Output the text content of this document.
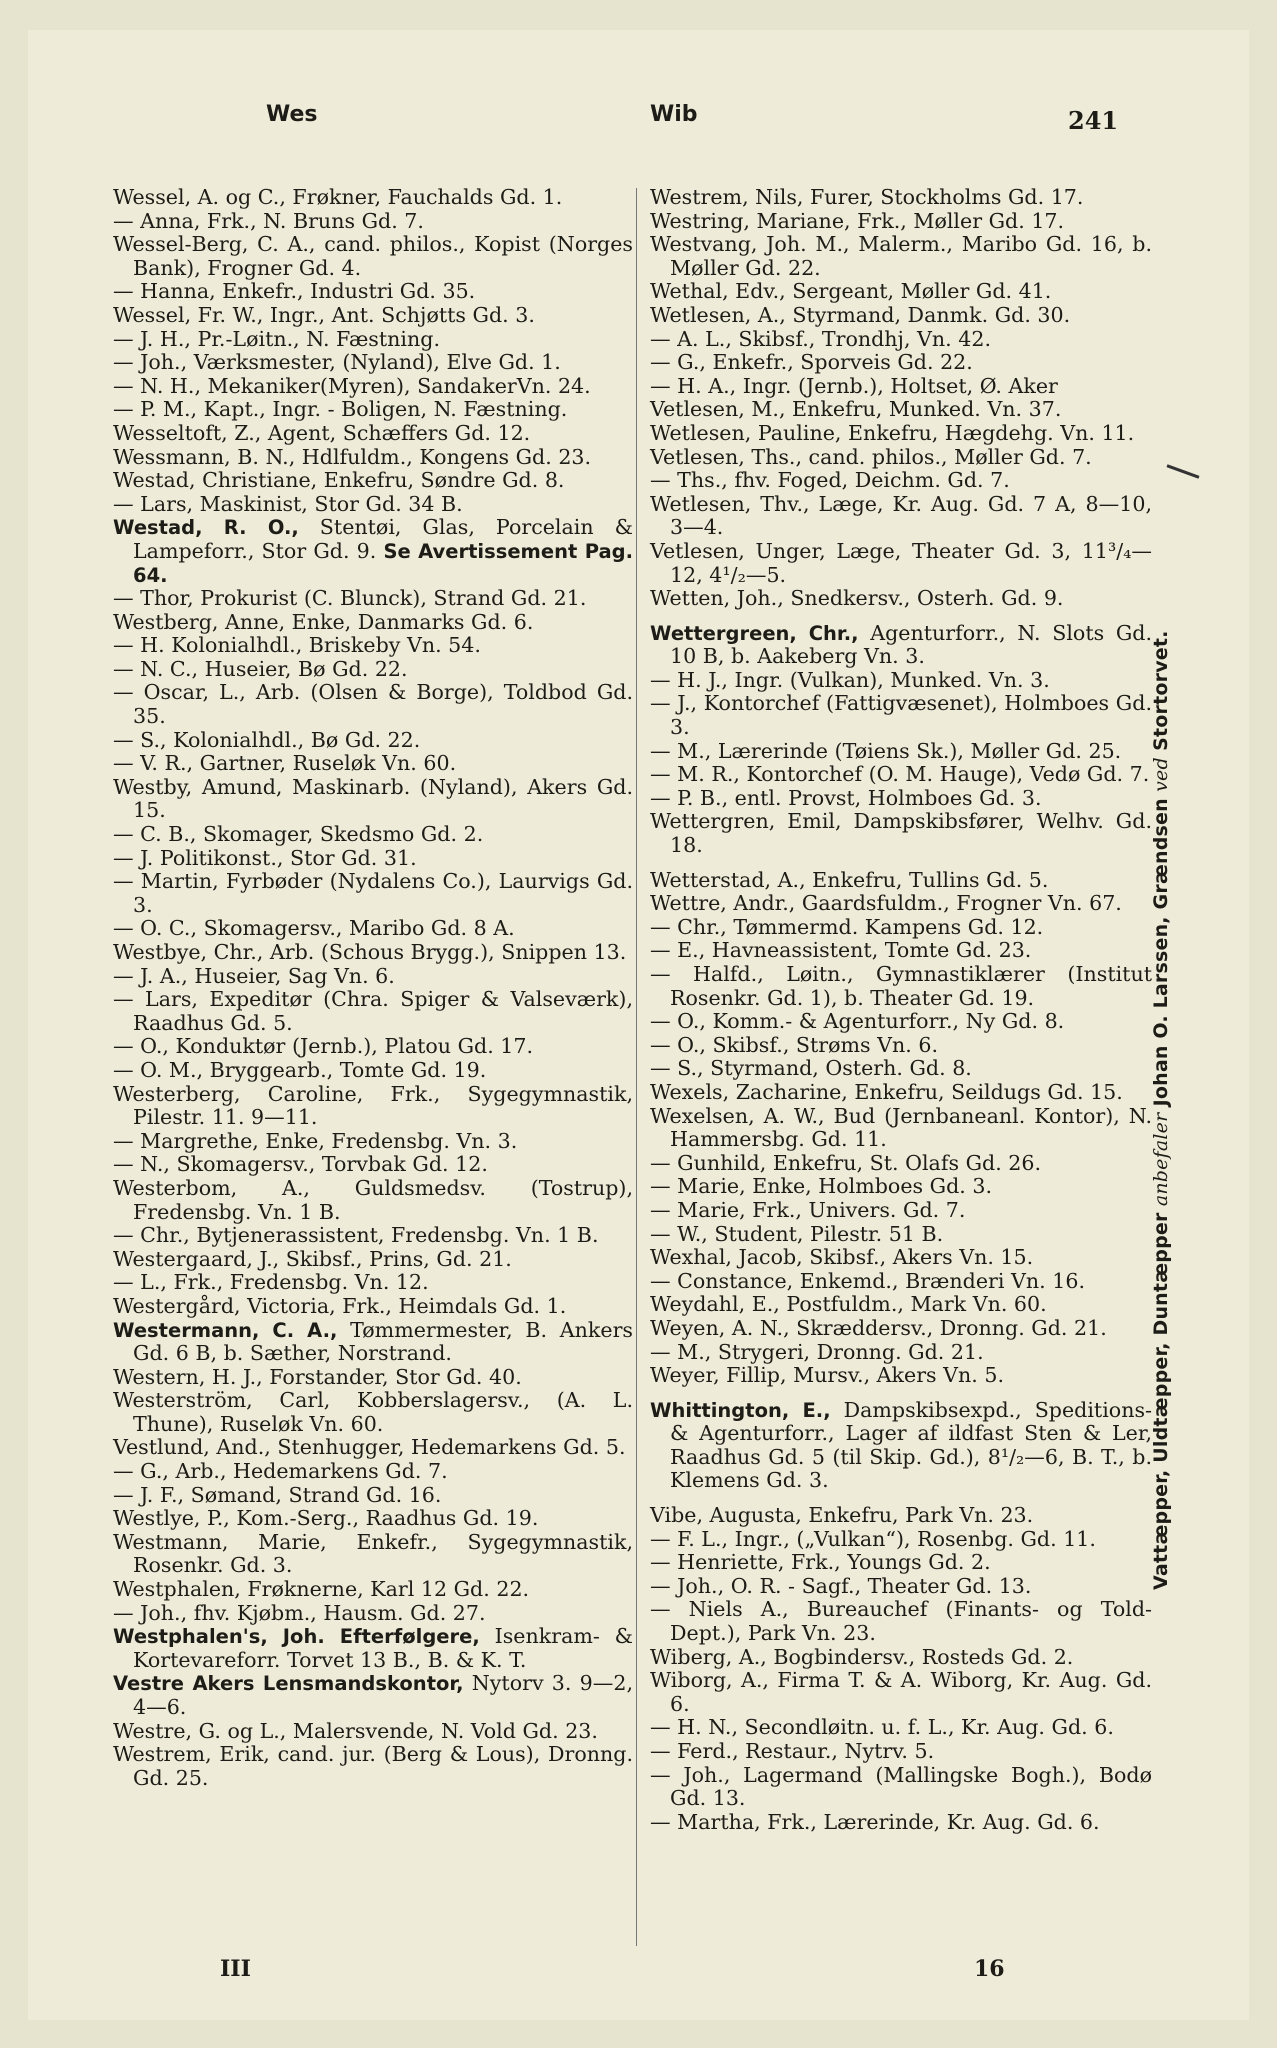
Wes	Wib	241
Wessel, A. og C., Frøkner, Fauchalds Gd. 1.
— Anna, Frk., N. Bruns Gd. 7.
Wessel-Berg, C. A., cand. philos., Kopist (Norges Bank), Frogner Gd. 4.
— Hanna, Enkefr., Industri Gd. 35.
Wessel, Fr. W., Ingr., Ant. Schjøtts Gd. 3.
— J. H., Pr.-Løitn., N. Fæstning.
— Joh., Værksmester, (Nyland), Elve Gd. 1.
— N. H., Mekaniker(Myren), SandakerVn. 24.
— P. M., Kapt., Ingr. - Boligen, N. Fæstning.
Wesseltoft, Z., Agent, Schæffers Gd. 12.
Wessmann, B. N., Hdlfuldm., Kongens Gd. 23.
Westad, Christiane, Enkefru, Søndre Gd. 8.
— Lars, Maskinist, Stor Gd. 34 B.
Westad, R. O., Stentøi, Glas, Porcelain & Lampeforr., Stor Gd. 9. Se Avertissement Pag. 64.
— Thor, Prokurist (C. Blunck), Strand Gd. 21.
Westberg, Anne, Enke, Danmarks Gd. 6.
— H. Kolonialhdl., Briskeby Vn. 54.
— N. C., Huseier, Bø Gd. 22.
— Oscar, L., Arb. (Olsen & Borge), Toldbod Gd. 35.
— S., Kolonialhdl., Bø Gd. 22.
— V. R., Gartner, Ruseløk Vn. 60.
Westby, Amund, Maskinarb. (Nyland), Akers Gd. 15.
— C. B., Skomager, Skedsmo Gd. 2.
— J. Politikonst., Stor Gd. 31.
— Martin, Fyrbøder (Nydalens Co.), Laurvigs Gd. 3.
— O. C., Skomagersv., Maribo Gd. 8 A.
Westbye, Chr., Arb. (Schous Brygg.), Snippen 13.
— J. A., Huseier, Sag Vn. 6.
— Lars, Expeditør (Chra. Spiger & Valseværk), Raadhus Gd. 5.
— O., Konduktør (Jernb.), Platou Gd. 17.
— O. M., Bryggearb., Tomte Gd. 19.
Westerberg, Caroline, Frk., Sygegymnastik, Pilestr. 11. 9—11.
— Margrethe, Enke, Fredensbg. Vn. 3.
— N., Skomagersv., Torvbak Gd. 12.
Westerbom, A., Guldsmedsv. (Tostrup), Fredensbg. Vn. 1 B.
— Chr., Bytjenerassistent, Fredensbg. Vn. 1 B.
Westergaard, J., Skibsf., Prins, Gd. 21.
— L., Frk., Fredensbg. Vn. 12.
Westergård, Victoria, Frk., Heimdals Gd. 1.
Westermann, C. A., Tømmermester, B. Ankers Gd. 6 B, b. Sæther, Norstrand.
Western, H. J., Forstander, Stor Gd. 40.
Westerström, Carl, Kobberslagersv., (A. L. Thune), Ruseløk Vn. 60.
Vestlund, And., Stenhugger, Hedemarkens Gd. 5.
— G., Arb., Hedemarkens Gd. 7.
— J. F., Sømand, Strand Gd. 16.
Westlye, P., Kom.-Serg., Raadhus Gd. 19.
Westmann, Marie, Enkefr., Sygegymnastik, Rosenkr. Gd. 3.
Westphalen, Frøknerne, Karl 12 Gd. 22.
— Joh., fhv. Kjøbm., Hausm. Gd. 27.
Westphalen's, Joh. Efterfølgere, Isenkram- & Kortevareforr. Torvet 13 B., B. & K. T.
Vestre Akers Lensmandskontor, Nytorv 3. 9—2, 4—6.
Westre, G. og L., Malersvende, N. Vold Gd. 23.
Westrem, Erik, cand. jur. (Berg & Lous), Dronng. Gd. 25.
Westrem, Nils, Furer, Stockholms Gd. 17.
Westring, Mariane, Frk., Møller Gd. 17.
Westvang, Joh. M., Malerm., Maribo Gd. 16, b. Møller Gd. 22.
Wethal, Edv., Sergeant, Møller Gd. 41.
Wetlesen, A., Styrmand, Danmk. Gd. 30.
— A. L., Skibsf., Trondhj, Vn. 42.
— G., Enkefr., Sporveis Gd. 22.
— H. A., Ingr. (Jernb.), Holtset, Ø. Aker
Vetlesen, M., Enkefru, Munked. Vn. 37.
Wetlesen, Pauline, Enkefru, Hægdehg. Vn. 11.
Vetlesen, Ths., cand. philos., Møller Gd. 7.
— Ths., fhv. Foged, Deichm. Gd. 7.
Wetlesen, Thv., Læge, Kr. Aug. Gd. 7 A, 8—10, 3—4.
Vetlesen, Unger, Læge, Theater Gd. 3, 11³/₄—12, 4¹/₂—5.
Wetten, Joh., Snedkersv., Osterh. Gd. 9.
Wettergreen, Chr., Agenturforr., N. Slots Gd. 10 B, b. Aakeberg Vn. 3.
— H. J., Ingr. (Vulkan), Munked. Vn. 3.
— J., Kontorchef (Fattigvæsenet), Holmboes Gd. 3.
— M., Lærerinde (Tøiens Sk.), Møller Gd. 25.
— M. R., Kontorchef (O. M. Hauge), Vedø Gd. 7.
— P. B., entl. Provst, Holmboes Gd. 3.
Wettergren, Emil, Dampskibsfører, Welhv. Gd. 18.
Wetterstad, A., Enkefru, Tullins Gd. 5.
Wettre, Andr., Gaardsfuldm., Frogner Vn. 67.
— Chr., Tømmermd. Kampens Gd. 12.
— E., Havneassistent, Tomte Gd. 23.
— Halfd., Løitn., Gymnastiklærer (Institut Rosenkr. Gd. 1), b. Theater Gd. 19.
— O., Komm.- & Agenturforr., Ny Gd. 8.
— O., Skibsf., Strøms Vn. 6.
— S., Styrmand, Osterh. Gd. 8.
Wexels, Zacharine, Enkefru, Seildugs Gd. 15.
Wexelsen, A. W., Bud (Jernbaneanl. Kontor), N. Hammersbg. Gd. 11.
— Gunhild, Enkefru, St. Olafs Gd. 26.
— Marie, Enke, Holmboes Gd. 3.
— Marie, Frk., Univers. Gd. 7.
— W., Student, Pilestr. 51 B.
Wexhal, Jacob, Skibsf., Akers Vn. 15.
— Constance, Enkemd., Brænderi Vn. 16.
Weydahl, E., Postfuldm., Mark Vn. 60.
Weyen, A. N., Skræddersv., Dronng. Gd. 21.
— M., Strygeri, Dronng. Gd. 21.
Weyer, Fillip, Mursv., Akers Vn. 5.
Whittington, E., Dampskibsexpd., Speditions- & Agenturforr., Lager af ildfast Sten & Ler, Raadhus Gd. 5 (til Skip. Gd.), 8¹/₂—6, B. T., b. Klemens Gd. 3.
Vibe, Augusta, Enkefru, Park Vn. 23.
— F. L., Ingr., („Vulkan“), Rosenbg. Gd. 11.
— Henriette, Frk., Youngs Gd. 2.
— Joh., O. R. - Sagf., Theater Gd. 13.
— Niels A., Bureauchef (Finants- og Told-Dept.), Park Vn. 23.
Wiberg, A., Bogbindersv., Rosteds Gd. 2.
Wiborg, A., Firma T. & A. Wiborg, Kr. Aug. Gd. 6.
— H. N., Secondløitn. u. f. L., Kr. Aug. Gd. 6.
— Ferd., Restaur., Nytrv. 5.
— Joh., Lagermand (Mallingske Bogh.), Bodø Gd. 13.
— Martha, Frk., Lærerinde, Kr. Aug. Gd. 6.
Vattæpper, Uldtæpper, Duntæpper anbefaler Johan O. Larssen, Grændsen ved Stortorvet.
III	16
